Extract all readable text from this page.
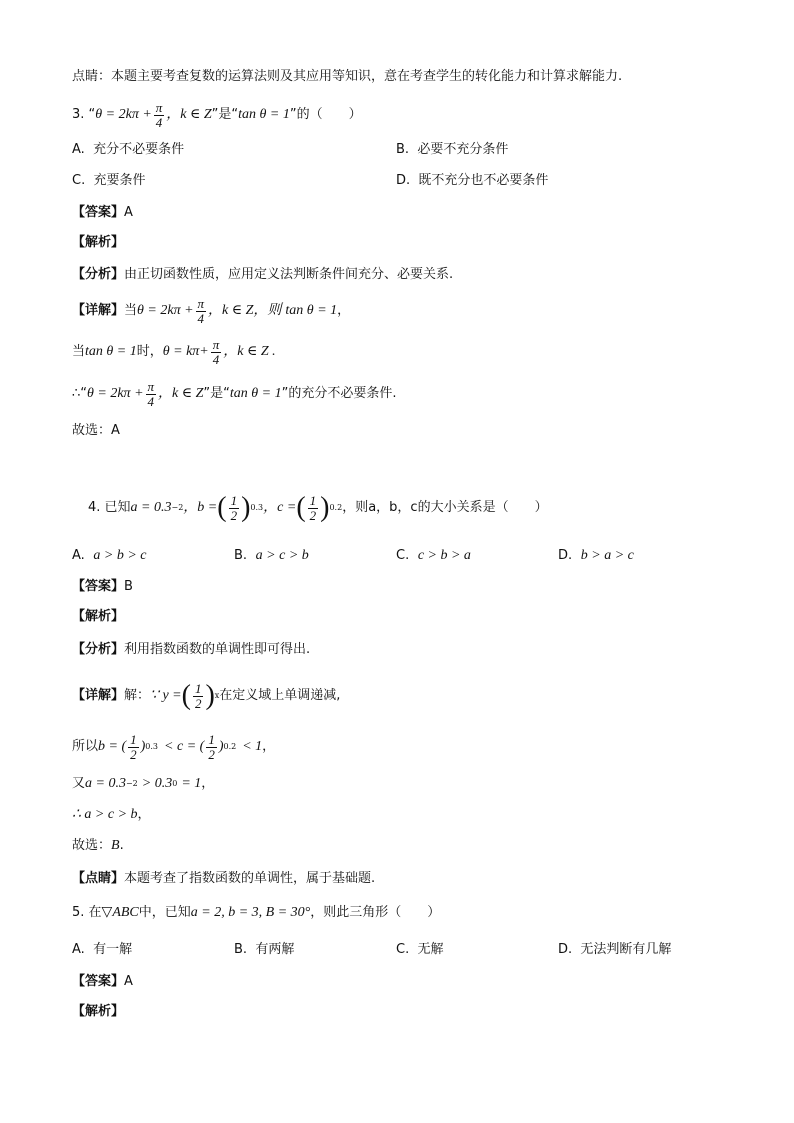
点睛：本题主要考查复数的运算法则及其应用等知识，意在考查学生的转化能力和计算求解能力.
3. “ $\theta = 2k\pi + \frac{\pi}{4}$ ，k ∈ Z ”是“ tan θ = 1 ”的（　　）
A. 充分不必要条件	B. 必要不充分条件
C. 充要条件	D. 既不充分也不必要条件
【答案】A
【解析】
【分析】由正切函数性质，应用定义法判断条件间充分、必要关系.
【详解】 当 $\theta = 2k\pi + \frac{\pi}{4}$ ，k ∈ Z，则 tan θ = 1 ，
当 tan θ = 1 时， $\theta = k\pi+ \frac{\pi}{4}$ ，k ∈ Z .
∴“ $\theta = 2k\pi + \frac{\pi}{4}$ ，k ∈ Z ”是“ tan θ = 1 ”的充分不必要条件.
故选：A
4. 已知 a = 0.3 −2 ，b = ( $\frac{1}{2}$ ) 0.3 ，c = ( $\frac{1}{2}$ ) 0.2 ，则a，b，c的大小关系是（　　）
A. a > b > c	B. a > c > b	C. c > b > a	D. b > a > c
【答案】B
【解析】
【分析】利用指数函数的单调性即可得出.
【详解】 解： ∵ y = ( $\frac{1}{2}$ ) x 在定义域上单调递减,
所以 b = ( $\frac{1}{2}$ ) 0.3 < c = ( $\frac{1}{2}$ ) 0.2 < 1 ，
又 a = 0.3 −2 > 0.3 0 = 1 ，
∴ a > c > b ，
故选： B .
【点睛】本题考查了指数函数的单调性，属于基础题.
5. 在 ▽ABC 中，已知 a = 2, b = 3, B = 30° ，则此三角形（　　）
A. 有一解	B. 有两解	C. 无解	D. 无法判断有几解
【答案】A
【解析】
